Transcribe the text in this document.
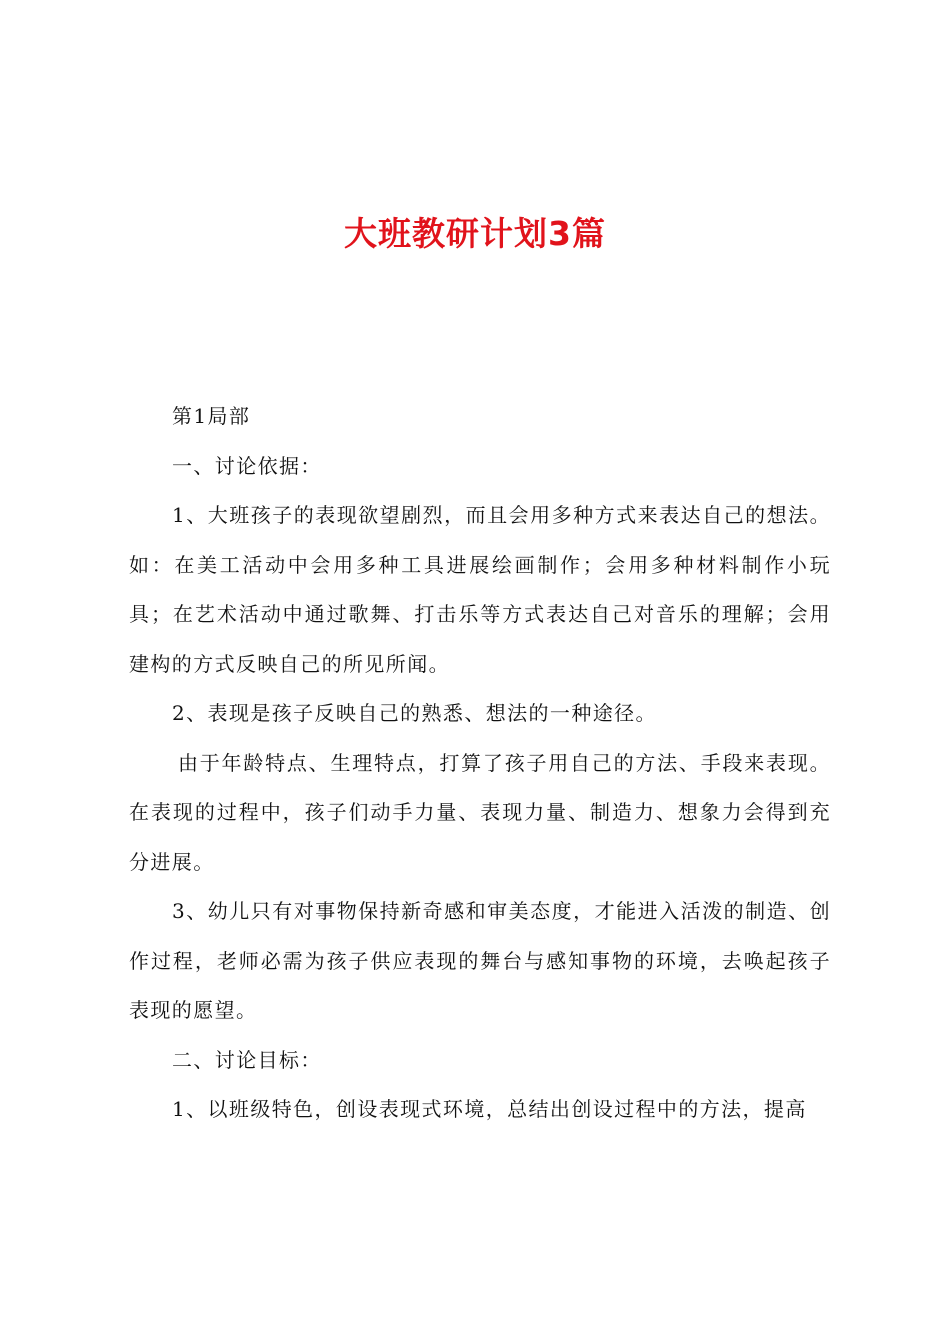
大班教研计划3篇

第1局部

一、讨论依据：

1、大班孩子的表现欲望剧烈，而且会用多种方式来表达自己的想法。如：在美工活动中会用多种工具进展绘画制作；会用多种材料制作小玩具；在艺术活动中通过歌舞、打击乐等方式表达自己对音乐的理解；会用建构的方式反映自己的所见所闻。

2、表现是孩子反映自己的熟悉、想法的一种途径。

由于年龄特点、生理特点，打算了孩子用自己的方法、手段来表现。在表现的过程中，孩子们动手力量、表现力量、制造力、想象力会得到充分进展。

3、幼儿只有对事物保持新奇感和审美态度，才能进入活泼的制造、创作过程，老师必需为孩子供应表现的舞台与感知事物的环境，去唤起孩子表现的愿望。

二、讨论目标：

1、以班级特色，创设表现式环境，总结出创设过程中的方法，提高
